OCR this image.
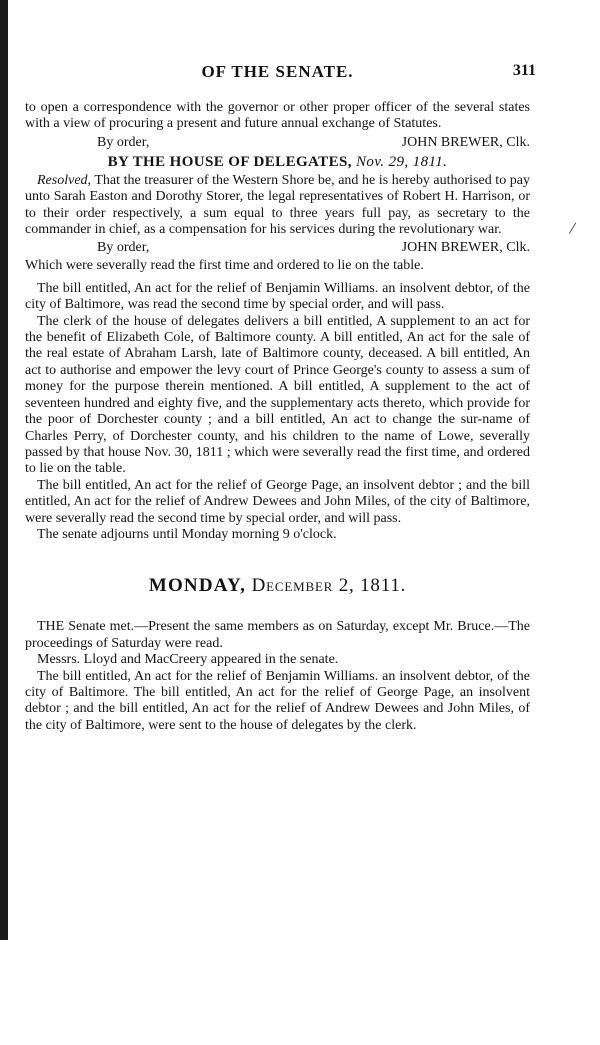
/
OF THE SENATE.	311

to open a correspondence with the governor or other proper officer of the several states with a view of procuring a present and future annual exchange of Statutes.

By order,	JOHN BREWER, Clk.
BY THE HOUSE OF DELEGATES, Nov. 29, 1811.

Resolved, That the treasurer of the Western Shore be, and he is hereby authorised to pay unto Sarah Easton and Dorothy Storer, the legal representatives of Robert H. Harrison, or to their order respectively, a sum equal to three years full pay, as secretary to the commander in chief, as a compensation for his services during the revolutionary war.

By order,	JOHN BREWER, Clk.

Which were severally read the first time and ordered to lie on the table.

The bill entitled, An act for the relief of Benjamin Williams. an insolvent debtor, of the city of Baltimore, was read the second time by special order, and will pass.

The clerk of the house of delegates delivers a bill entitled, A supplement to an act for the benefit of Elizabeth Cole, of Baltimore county. A bill entitled, An act for the sale of the real estate of Abraham Larsh, late of Baltimore county, deceased. A bill entitled, An act to authorise and empower the levy court of Prince George's county to assess a sum of money for the purpose therein mentioned. A bill entitled, A supplement to the act of seventeen hundred and eighty five, and the supplementary acts thereto, which provide for the poor of Dorchester county ; and a bill entitled, An act to change the sur-name of Charles Perry, of Dorchester county, and his children to the name of Lowe, severally passed by that house Nov. 30, 1811 ; which were severally read the first time, and ordered to lie on the table.

The bill entitled, An act for the relief of George Page, an insolvent debtor ; and the bill entitled, An act for the relief of Andrew Dewees and John Miles, of the city of Baltimore, were severally read the second time by special order, and will pass.

The senate adjourns until Monday morning 9 o'clock.

MONDAY, December 2, 1811.

THE Senate met.—Present the same members as on Saturday, except Mr. Bruce.—The proceedings of Saturday were read.

Messrs. Lloyd and MacCreery appeared in the senate.

The bill entitled, An act for the relief of Benjamin Williams. an insolvent debtor, of the city of Baltimore. The bill entitled, An act for the relief of George Page, an insolvent debtor ; and the bill entitled, An act for the relief of Andrew Dewees and John Miles, of the city of Baltimore, were sent to the house of delegates by the clerk.
